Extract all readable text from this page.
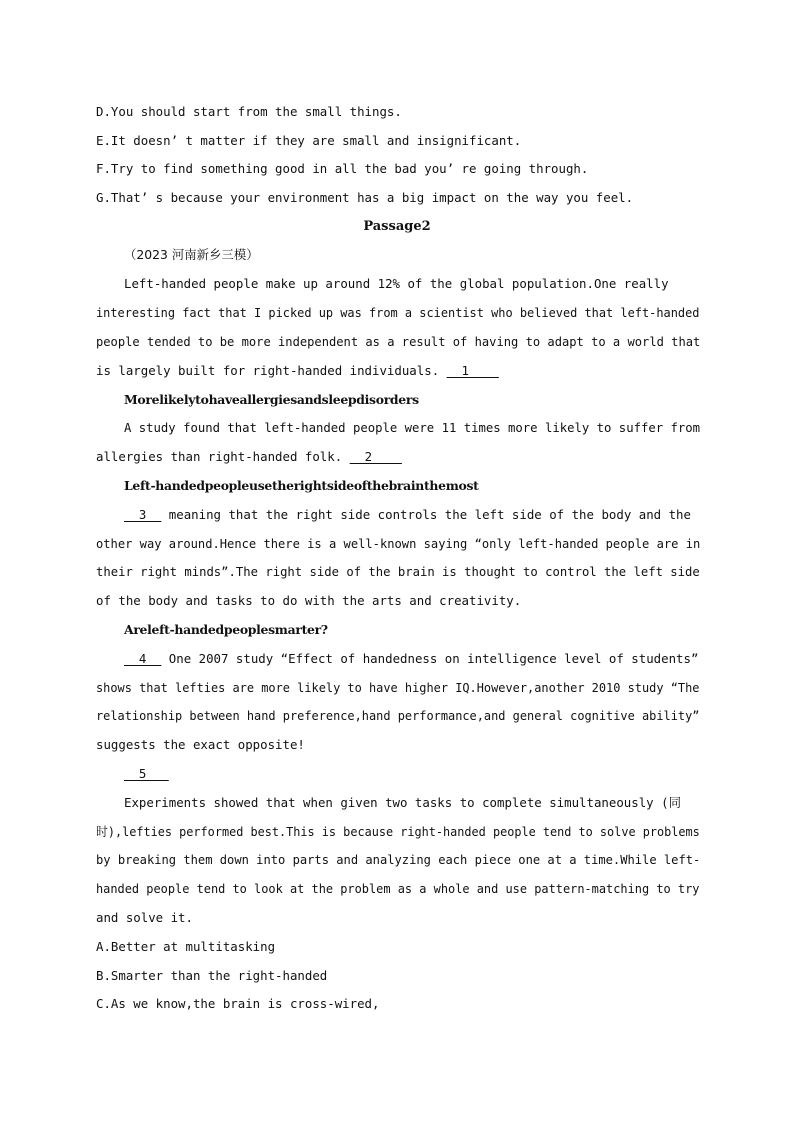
D.You should start from the small things.
E.It doesn’ t matter if they are small and insignificant.
F.Try to find something good in all the bad you’ re going through.
G.That’ s because your environment has a big impact on the way you feel.
Passage2
（2023 河南新乡三模）
Left-handed people make up around 12% of the global population.One really
interesting fact that I picked up was from a scientist who believed that left-handed
people tended to be more independent as a result of having to adapt to a world that
is largely built for right-handed individuals.   1
Morelikelytohaveallergiesandsleepdisorders
A study found that left-handed people were 11 times more likely to suffer from
allergies than right-handed folk.   2
Left-handedpeopleusetherightsideofthebrainthemost
3   meaning that the right side controls the left side of the body and the
other way around.Hence there is a well-known saying “only left-handed people are in
their right minds”.The right side of the brain is thought to control the left side
of the body and tasks to do with the arts and creativity.
Areleft-handedpeoplesmarter?
4   One 2007 study “Effect of handedness on intelligence level of students”
shows that lefties are more likely to have higher IQ.However,another 2010 study “The
relationship between hand preference,hand performance,and general cognitive ability”
suggests the exact opposite!
5
Experiments showed that when given two tasks to complete simultaneously (同
时),lefties performed best.This is because right-handed people tend to solve problems
by breaking them down into parts and analyzing each piece one at a time.While left-
handed people tend to look at the problem as a whole and use pattern-matching to try
and solve it.
A.Better at multitasking
B.Smarter than the right-handed
C.As we know,the brain is cross-wired,
